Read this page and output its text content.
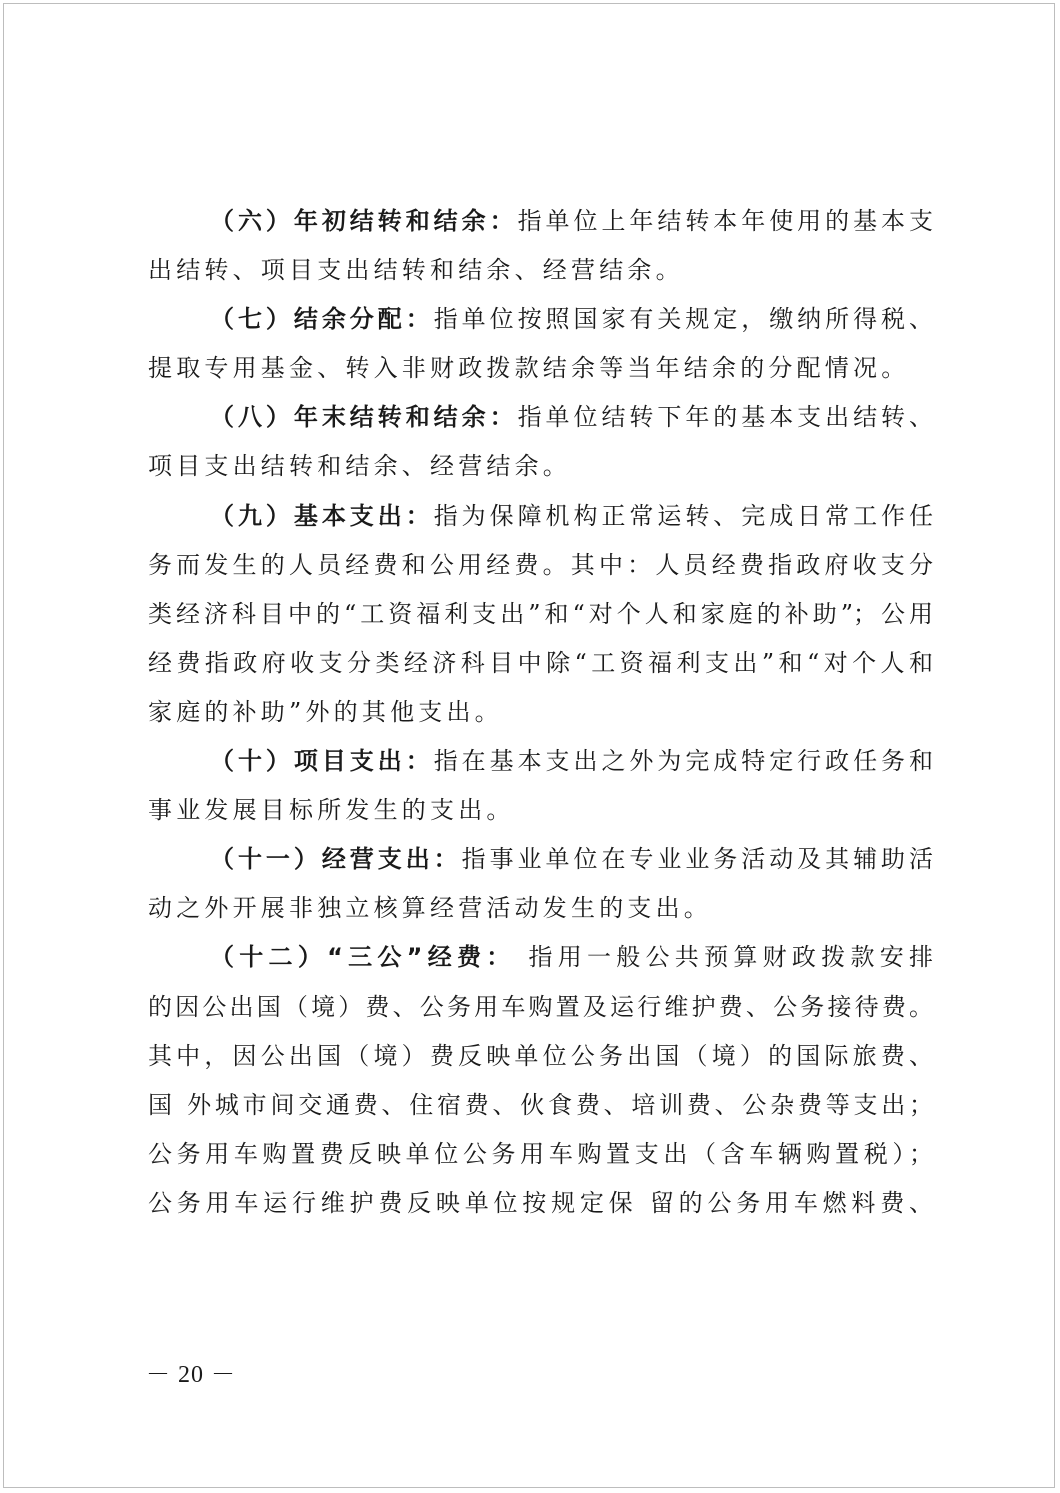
（六）年初结转和结余：指单位上年结转本年使用的基本支
出结转、项目支出结转和结余、经营结余。
（七）结余分配：指单位按照国家有关规定，缴纳所得税、
提取专用基金、转入非财政拨款结余等当年结余的分配情况。
（八）年末结转和结余：指单位结转下年的基本支出结转、
项目支出结转和结余、经营结余。
（九）基本支出：指为保障机构正常运转、完成日常工作任
务而发生的人员经费和公用经费。其中：人员经费指政府收支分
类经济科目中的“工资福利支出”和“对个人和家庭的补助”；公用
经费指政府收支分类经济科目中除“工资福利支出”和“对个人和
家庭的补助”外的其他支出。
（十）项目支出：指在基本支出之外为完成特定行政任务和
事业发展目标所发生的支出。
（十一）经营支出：指事业单位在专业业务活动及其辅助活
动之外开展非独立核算经营活动发生的支出。
（十二）“三公”经费： 指用一般公共预算财政拨款安排
的因公出国（境）费、公务用车购置及运行维护费、公务接待费。
其中，因公出国（境）费反映单位公务出国（境）的国际旅费、
国 外城市间交通费、住宿费、伙食费、培训费、公杂费等支出；
公务用车购置费反映单位公务用车购置支出（含车辆购置税）；
公务用车运行维护费反映单位按规定保 留的公务用车燃料费、
－ 20 －
